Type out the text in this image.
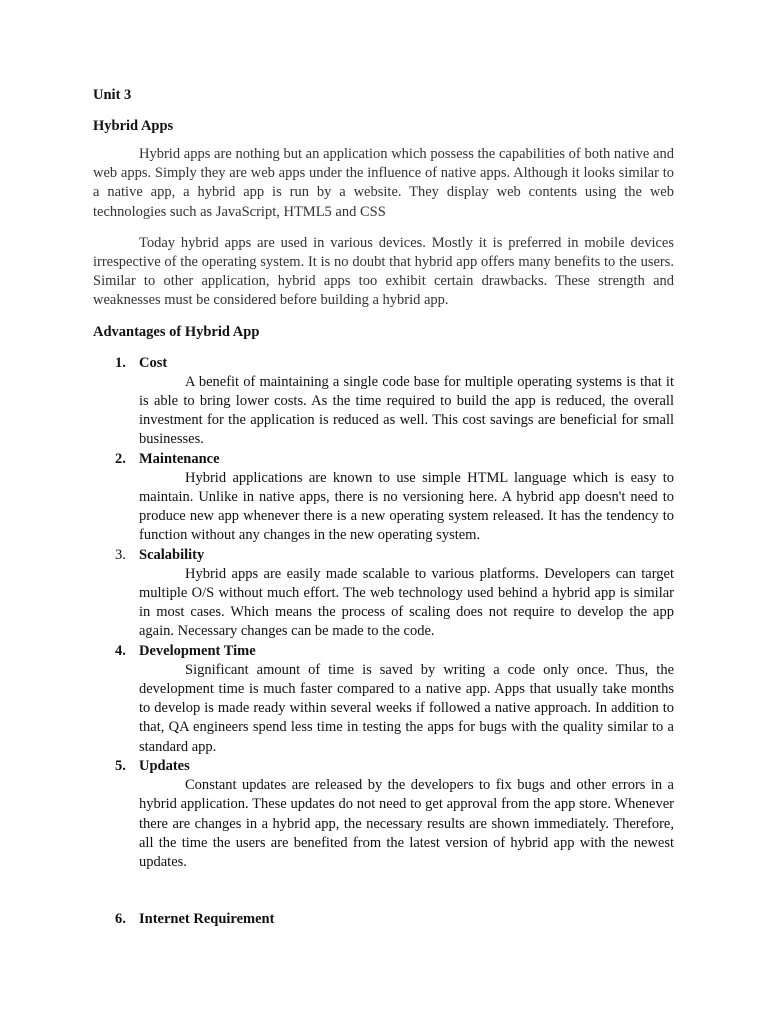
Unit 3

Hybrid Apps

Hybrid apps are nothing but an application which possess the capabilities of both native and web apps. Simply they are web apps under the influence of native apps. Although it looks similar to a native app, a hybrid app is run by a website. They display web contents using the web technologies such as JavaScript, HTML5 and CSS

Today hybrid apps are used in various devices. Mostly it is preferred in mobile devices irrespective of the operating system. It is no doubt that hybrid app offers many benefits to the users. Similar to other application, hybrid apps too exhibit certain drawbacks. These strength and weaknesses must be considered before building a hybrid app.

Advantages of Hybrid App

1. Cost

A benefit of maintaining a single code base for multiple operating systems is that it is able to bring lower costs. As the time required to build the app is reduced, the overall investment for the application is reduced as well. This cost savings are beneficial for small businesses.

2. Maintenance

Hybrid applications are known to use simple HTML language which is easy to maintain. Unlike in native apps, there is no versioning here. A hybrid app doesn't need to produce new app whenever there is a new operating system released. It has the tendency to function without any changes in the new operating system.

3. Scalability

Hybrid apps are easily made scalable to various platforms. Developers can target multiple O/S without much effort. The web technology used behind a hybrid app is similar in most cases. Which means the process of scaling does not require to develop the app again. Necessary changes can be made to the code.

4. Development Time

Significant amount of time is saved by writing a code only once. Thus, the development time is much faster compared to a native app. Apps that usually take months to develop is made ready within several weeks if followed a native approach. In addition to that, QA engineers spend less time in testing the apps for bugs with the quality similar to a standard app.

5. Updates

Constant updates are released by the developers to fix bugs and other errors in a hybrid application. These updates do not need to get approval from the app store. Whenever there are changes in a hybrid app, the necessary results are shown immediately. Therefore, all the time the users are benefited from the latest version of hybrid app with the newest updates.

6. Internet Requirement
